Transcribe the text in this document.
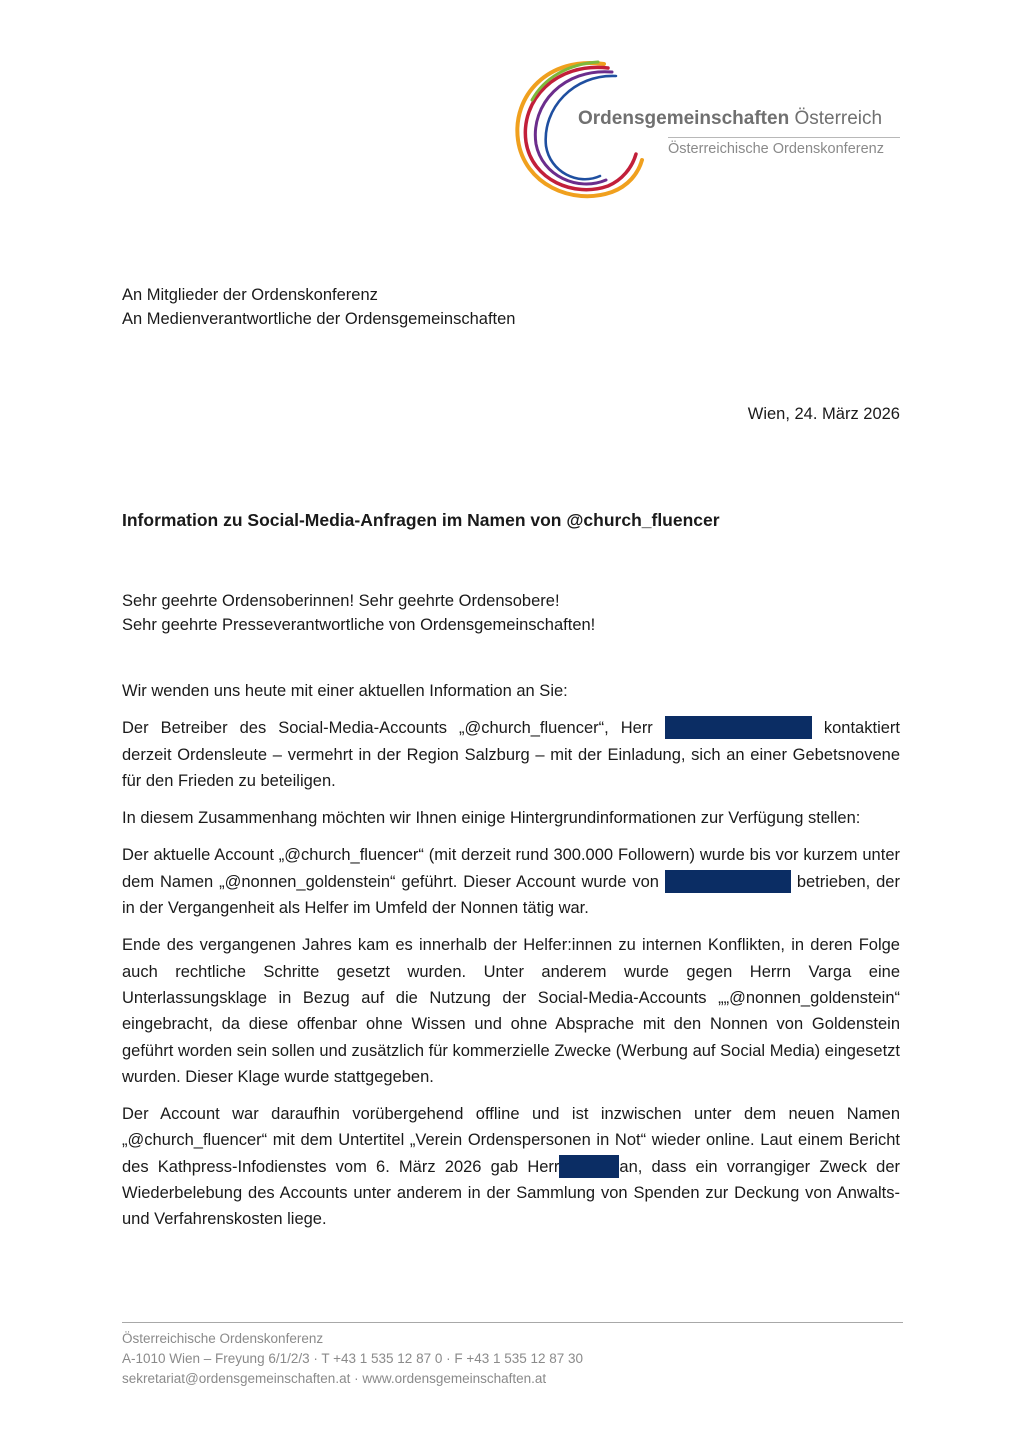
Ordensgemeinschaften Österreich
Österreichische Ordenskonferenz
An Mitglieder der Ordenskonferenz
An Medienverantwortliche der Ordensgemeinschaften
Wien, 24. März 2026
Information zu Social-Media-Anfragen im Namen von @church_fluencer
Sehr geehrte Ordensoberinnen! Sehr geehrte Ordensobere!
Sehr geehrte Presseverantwortliche von Ordensgemeinschaften!

Wir wenden uns heute mit einer aktuellen Information an Sie:

Der Betreiber des Social-Media-Accounts „@church_fluencer“, Herr	kontaktiert derzeit Ordensleute – vermehrt in der Region Salzburg – mit der Einladung, sich an einer Gebetsnovene für den Frieden zu beteiligen.

In diesem Zusammenhang möchten wir Ihnen einige Hintergrundinformationen zur Verfügung stellen:

Der aktuelle Account „@church_fluencer“ (mit derzeit rund 300.000 Followern) wurde bis vor kurzem unter dem Namen „@nonnen_goldenstein“ geführt. Dieser Account wurde von	betrieben, der in der Vergangenheit als Helfer im Umfeld der Nonnen tätig war.

Ende des vergangenen Jahres kam es innerhalb der Helfer:innen zu internen Konflikten, in deren Folge auch rechtliche Schritte gesetzt wurden. Unter anderem wurde gegen Herrn Varga eine Unterlassungsklage in Bezug auf die Nutzung der Social-Media-Accounts „„@nonnen_goldenstein“ eingebracht, da diese offenbar ohne Wissen und ohne Absprache mit den Nonnen von Goldenstein geführt worden sein sollen und zusätzlich für kommerzielle Zwecke (Werbung auf Social Media) eingesetzt wurden. Dieser Klage wurde stattgegeben.

Der Account war daraufhin vorübergehend offline und ist inzwischen unter dem neuen Namen „@church_fluencer“ mit dem Untertitel „Verein Ordenspersonen in Not“ wieder online. Laut einem Bericht des Kathpress-Infodienstes vom 6. März 2026 gab Herr	an, dass ein vorrangiger Zweck der Wiederbelebung des Accounts unter anderem in der Sammlung von Spenden zur Deckung von Anwalts- und Verfahrenskosten liege.

Österreichische Ordenskonferenz
A-1010 Wien – Freyung 6/1/2/3 · T +43 1 535 12 87 0 · F +43 1 535 12 87 30
sekretariat@ordensgemeinschaften.at · www.ordensgemeinschaften.at
